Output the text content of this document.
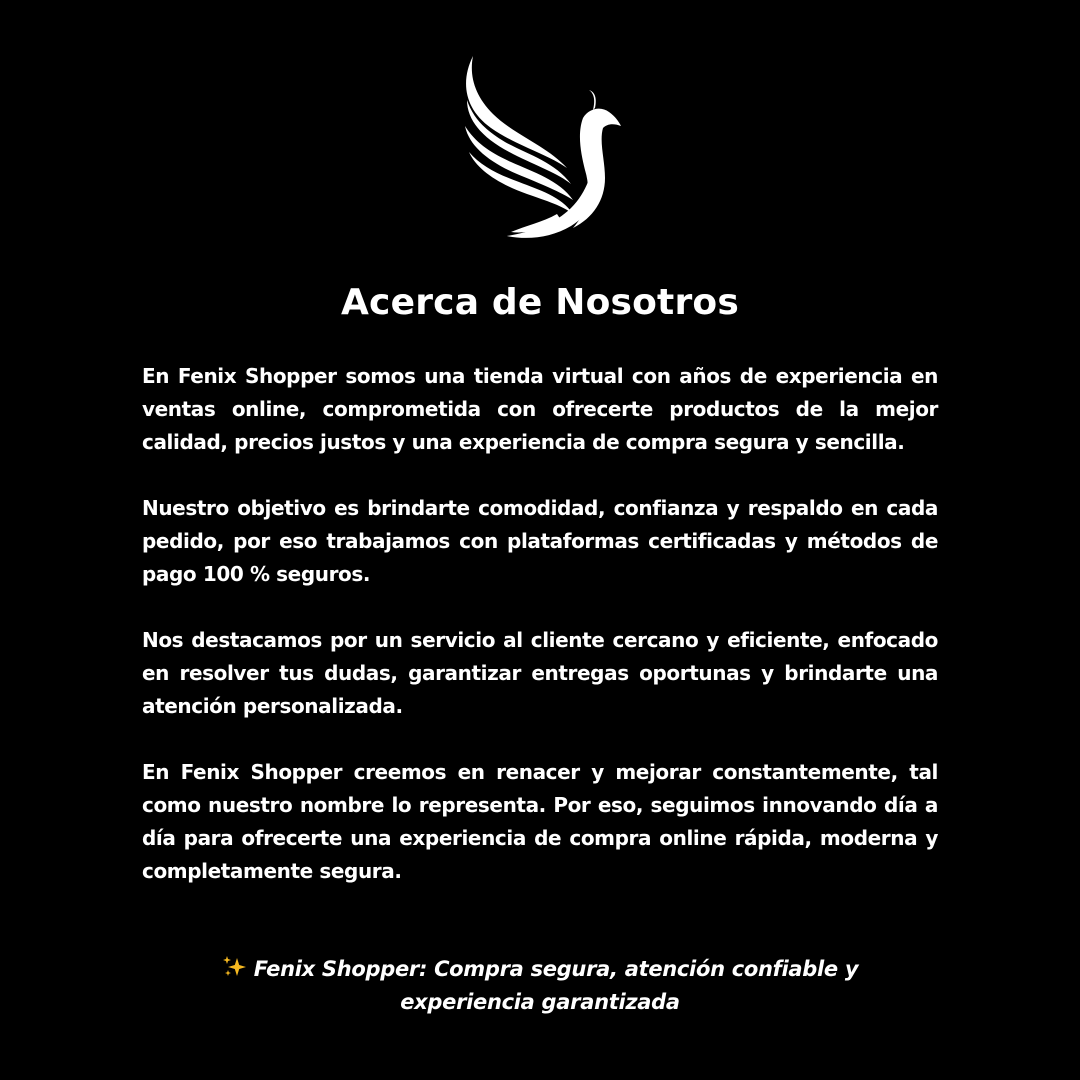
Acerca de Nosotros

En Fenix Shopper somos una tienda virtual con años de experiencia en ventas online, comprometida con ofrecerte productos de la mejor calidad, precios justos y una experiencia de compra segura y sencilla.

Nuestro objetivo es brindarte comodidad, confianza y respaldo en cada pedido, por eso trabajamos con plataformas certificadas y métodos de pago 100 % seguros.

Nos destacamos por un servicio al cliente cercano y eficiente, enfocado en resolver tus dudas, garantizar entregas oportunas y brindarte una atención personalizada.

En Fenix Shopper creemos en renacer y mejorar constantemente, tal como nuestro nombre lo representa. Por eso, seguimos innovando día a día para ofrecerte una experiencia de compra online rápida, moderna y completamente segura.

Fenix Shopper: Compra segura, atención confiable y experiencia garantizada
